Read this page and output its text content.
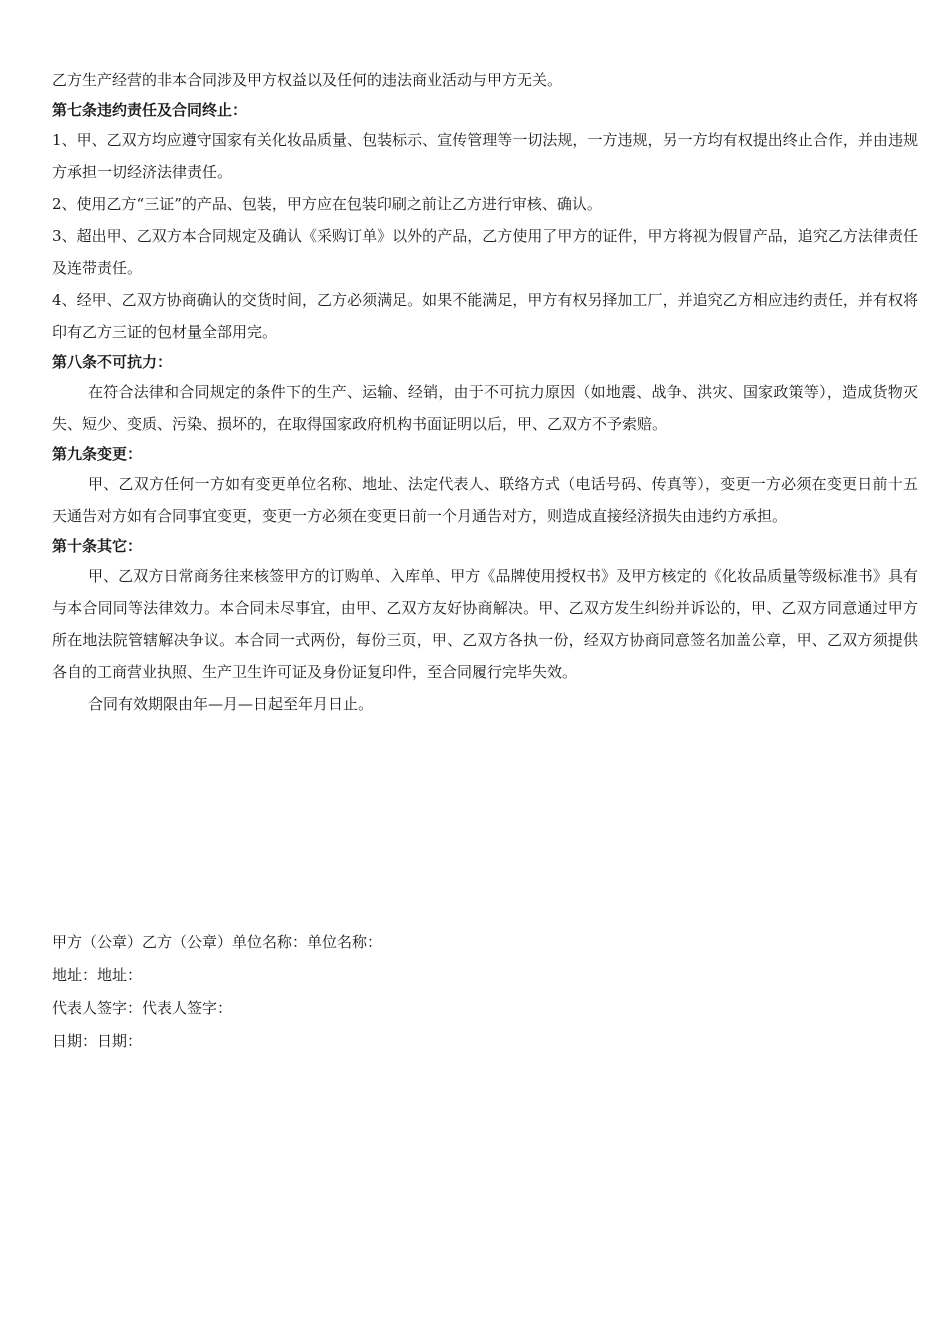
乙方生产经营的非本合同涉及甲方权益以及任何的违法商业活动与甲方无关。
第七条违约责任及合同终止：

1、甲、乙双方均应遵守国家有关化妆品质量、包装标示、宣传管理等一切法规，一方违规，另一方均有权提出终止合作，并由违规方承担一切经济法律责任。

2、使用乙方“三证”的产品、包装，甲方应在包装印刷之前让乙方进行审核、确认。

3、超出甲、乙双方本合同规定及确认《采购订单》以外的产品，乙方使用了甲方的证件，甲方将视为假冒产品，追究乙方法律责任及连带责任。

4、经甲、乙双方协商确认的交货时间，乙方必须满足。如果不能满足，甲方有权另择加工厂，并追究乙方相应违约责任，并有权将印有乙方三证的包材量全部用完。

第八条不可抗力：

在符合法律和合同规定的条件下的生产、运输、经销，由于不可抗力原因（如地震、战争、洪灾、国家政策等），造成货物灭失、短少、变质、污染、损坏的，在取得国家政府机构书面证明以后，甲、乙双方不予索赔。

第九条变更：

甲、乙双方任何一方如有变更单位名称、地址、法定代表人、联络方式（电话号码、传真等），变更一方必须在变更日前十五天通告对方如有合同事宜变更，变更一方必须在变更日前一个月通告对方，则造成直接经济损失由违约方承担。

第十条其它：

甲、乙双方日常商务往来核签甲方的订购单、入库单、甲方《品牌使用授权书》及甲方核定的《化妆品质量等级标准书》具有与本合同同等法律效力。本合同未尽事宜，由甲、乙双方友好协商解决。甲、乙双方发生纠纷并诉讼的，甲、乙双方同意通过甲方所在地法院管辖解决争议。本合同一式两份，每份三页，甲、乙双方各执一份，经双方协商同意签名加盖公章，甲、乙双方须提供各自的工商营业执照、生产卫生许可证及身份证复印件，至合同履行完毕失效。

合同有效期限由年—月—日起至年月日止。

甲方（公章）乙方（公章）单位名称：单位名称：
地址：地址：
代表人签字：代表人签字：
日期：日期：
